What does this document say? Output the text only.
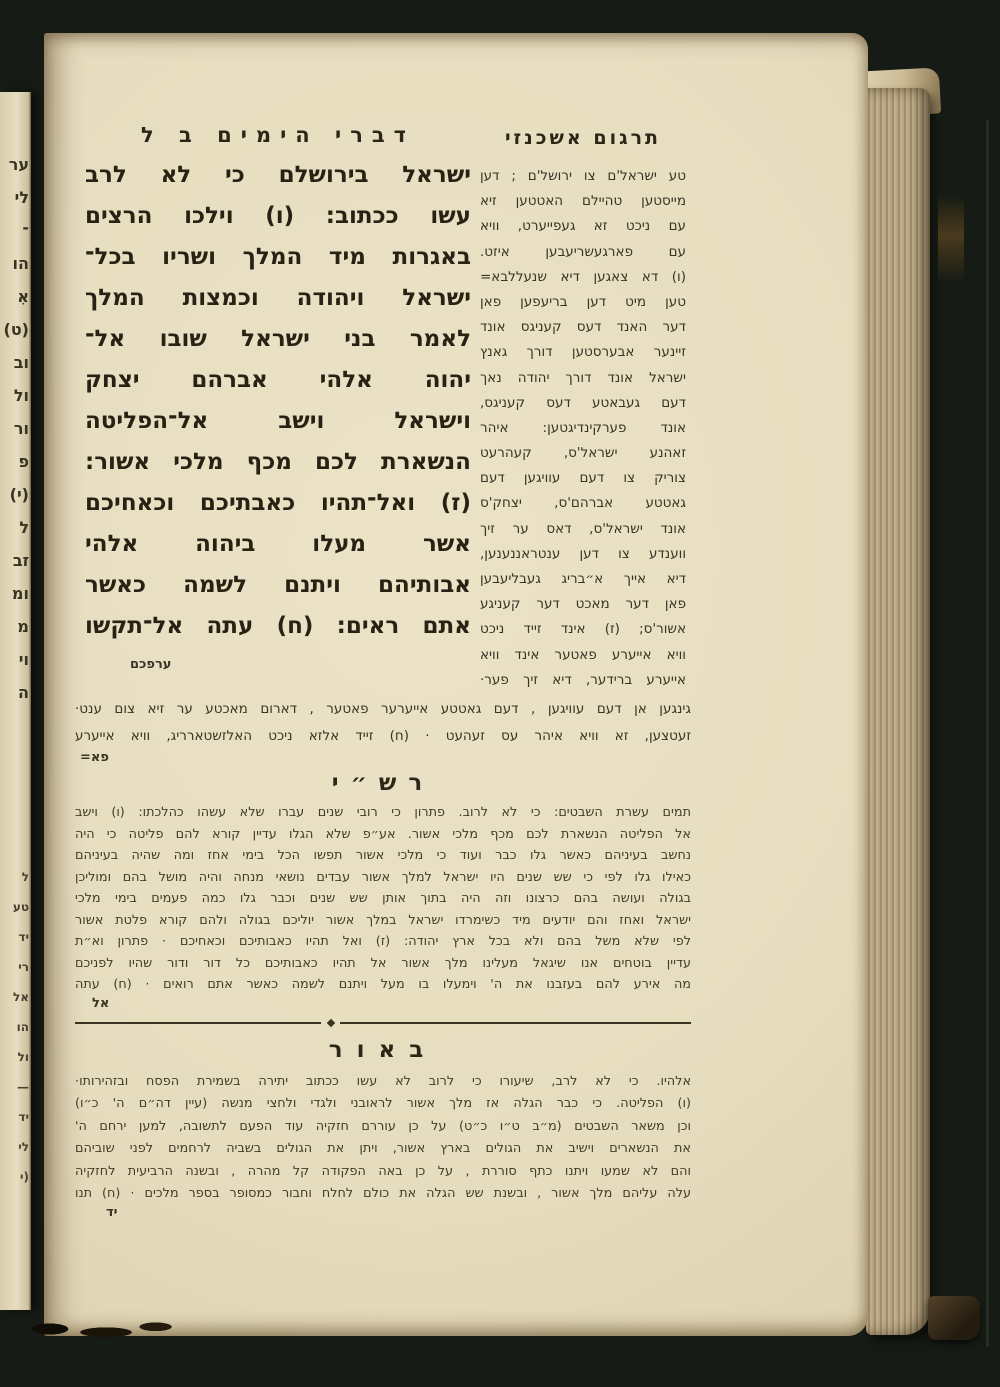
ער
לי
־
הו
אִ
(ט)
וב
ול
ור
פ
(י)
ל
זב
ומ
מ
וי
ה
ל
טע
יד
רי
אל
הו
ול
—
יד
לי
(י
דברי הימים ב ל	תרגום אשכנזי
ישראל בירושלם כי לא לרב
עשו ככתוב: (ו) וילכו הרצים
באגרות מיד המלך ושריו בכל־
ישראל ויהודה וכמצות המלך
לאמר בני ישראל שובו אל־
יהוה אלהי אברהם יצחק
וישראל וישב אל־הפליטה
הנשארת לכם מכף מלכי אשור:
(ז) ואל־תהיו כאבתיכם וכאחיכם
אשר מעלו ביהוה אלהי
אבותיהם ויתנם לשמה כאשר
אתם ראים: (ח) עתה אל־תקשו
ערפכם
טע ישראל'ם צו ירושל'ם ; דען
מייסטען טהיילם האטטען זיא
עם ניכט זא געפייערט, וויא
עם פארגעשריעבען איזט.
(ו) דא צאגען דיא שנעללבא=
טען מיט דען בריעפען פאן
דער האנד דעס קעניגס אונד
זיינער אבערסטען דורך גאנץ
ישראל אונד דורך יהודה נאך
דעם געבאטע דעס קעניגס,
אונד פערקינדיגטען: איהר
זאהנע ישראל'ס, קעהרעט
צוריק צו דעם עוויגען דעם
גאטטע אברהם'ס, יצחק'ס
אונד ישראל'ס, דאס ער זיך
ווענדע צו דען ענטראננענען,
דיא אייך א״בריג געבליעבען
פאן דער מאכט דער קעניגע
אשור'ס; (ז) אינד זייד ניכט
וויא אייערע פאטער אינד וויא
אייערע ברידער, דיא זיך פער·
גינגען אן דעם עוויגען , דעם גאטטע אייערער פאטער , דארום מאכטע ער זיא צום ענט·
זעטצען, זא וויא איהר עס זעהעט · (ח) זייד אלזא ניכט האלזשטארריג, וויא אייערע
פא=
רש״י
תמים עשרת השבטים: כי לא לרוב. פתרון כי רובי שנים עברו שלא עשהו כהלכתו: (ו) וישב
אל הפליטה הנשארת לכם מכף מלכי אשור. אע״פ שלא הגלו עדיין קורא להם פליטה כי היה
נחשב בעיניהם כאשר גלו כבר ועוד כי מלכי אשור תפשו הכל בימי אחז ומה שהיה בעיניהם
כאילו גלו לפי כי שש שנים היו ישראל למלך אשור עבדים נושאי מנחה והיה מושל בהם ומוליכן
בגולה ועושה בהם כרצונו וזה היה בתוך אותן שש שנים וכבר גלו כמה פעמים בימי מלכי
ישראל ואחז והם יודעים מיד כשימרדו ישראל במלך אשור יוליכם בגולה ולהם קורא פלטת אשור
לפי שלא משל בהם ולא בכל ארץ יהודה: (ז) ואל תהיו כאבותיכם וכאחיכם · פתרון וא״ת
עדיין בוטחים אנו שיגאל מעלינו מלך אשור אל תהיו כאבותיכם כל דור ודור שהיו לפניכם
מה אירע להם בעזבנו את ה' וימעלו בו מעל ויתנם לשמה כאשר אתם רואים · (ח) עתה
אל
באור
אלהיו. כי לא לרב, שיעורו כי לרוב לא עשו ככתוב יתירה בשמירת הפסח ובזהירותו·
(ו) הפליטה. כי כבר הגלה אז מלך אשור לראובני ולגדי ולחצי מנשה (עיין דה״ם ה' כ״ו)
וכן משאר השבטים (מ״ב ט״ו כ״ט) על כן עוררם חזקיה עוד הפעם לתשובה, למען ירחם ה'
את הנשארים וישיב את הגולים בארץ אשור, ויתן את הגולים בשביה לרחמים לפני שוביהם
והם לא שמעו ויתנו כתף סוררת , על כן באה הפקודה קל מהרה , ובשנה הרביעית לחזקיה
עלה עליהם מלך אשור , ובשנת שש הגלה את כולם לחלח וחבור כמסופר בספר מלכים · (ח) תנו
יד
